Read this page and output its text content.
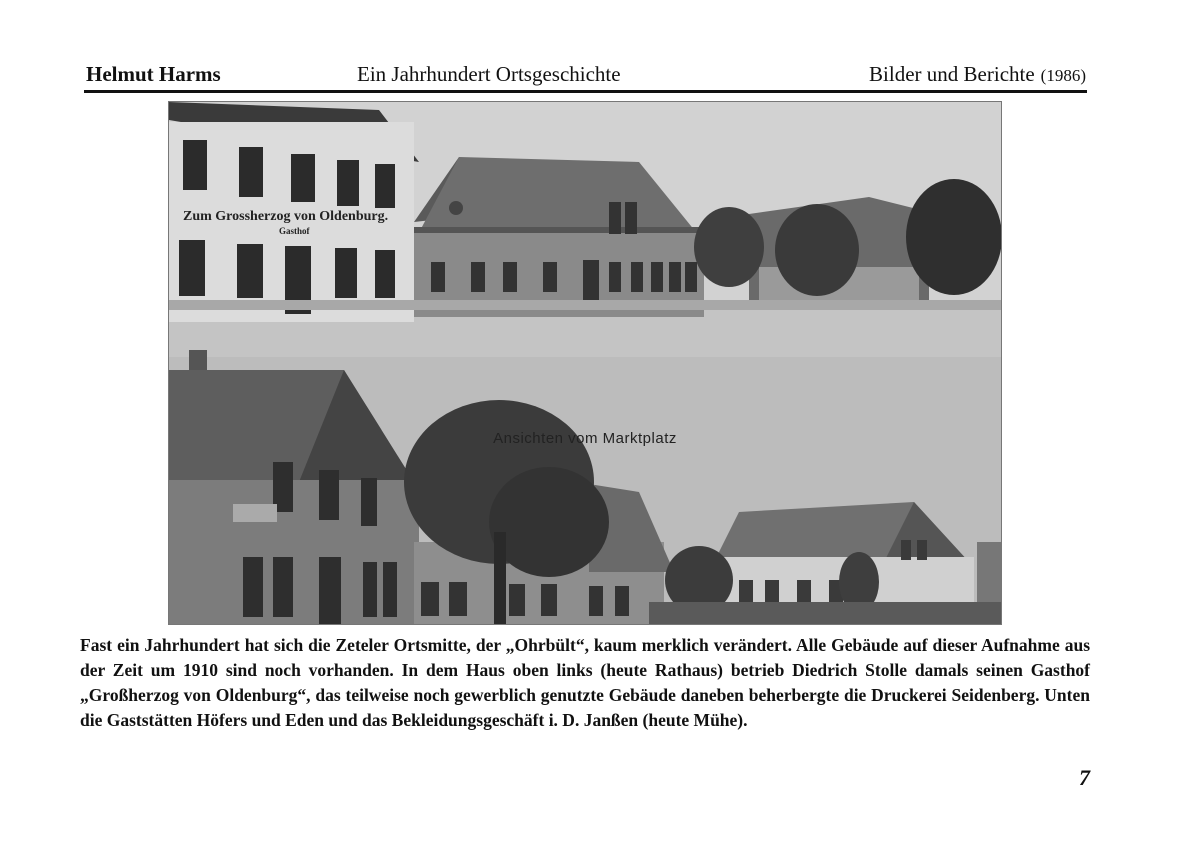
Helmut Harms	Ein Jahrhundert Ortsgeschichte	Bilder und Berichte (1986)
Zum Grossherzog von Oldenburg.
Gasthof
Ansichten vom Marktplatz
Fast ein Jahrhundert hat sich die Zeteler Ortsmitte, der „Ohrbült“, kaum merklich verändert. Alle Gebäude auf dieser Aufnahme aus der Zeit um 1910 sind noch vorhanden. In dem Haus oben links (heute Rathaus) betrieb Diedrich Stolle damals seinen Gasthof „Großherzog von Oldenburg“, das teilweise noch gewerblich genutzte Gebäude daneben beherbergte die Druckerei Seidenberg. Unten die Gaststätten Höfers und Eden und das Bekleidungsgeschäft i. D. Janßen (heute Mühe).
7
